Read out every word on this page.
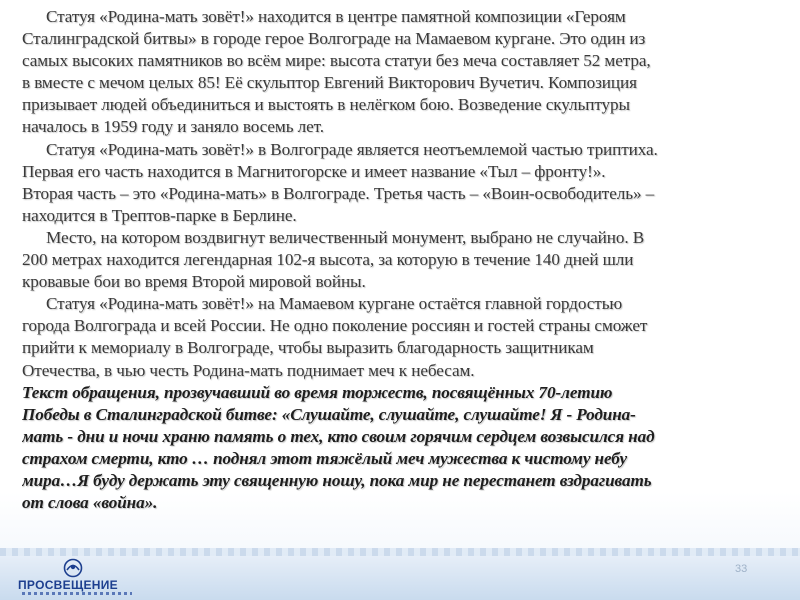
Статуя «Родина-мать зовёт!» находится в центре памятной композиции «Героям
Сталинградской битвы» в городе герое Волгограде на Мамаевом кургане. Это один из
самых высоких памятников во всём мире: высота статуи без меча составляет 52 метра,
в вместе с мечом целых 85! Её скульптор Евгений Викторович Вучетич. Композиция
призывает людей объединиться и выстоять в нелёгком бою. Возведение скульптуры
началось в 1959 году и заняло восемь лет.
Статуя «Родина-мать зовёт!» в Волгограде является неотъемлемой частью триптиха.
Первая его часть находится в Магнитогорске и имеет название «Тыл – фронту!».
Вторая часть – это «Родина-мать» в Волгограде. Третья часть – «Воин-освободитель» –
находится в Трептов-парке в Берлине.
Место, на котором воздвигнут величественный монумент, выбрано не случайно. В
200 метрах находится легендарная 102-я высота, за которую в течение 140 дней шли
кровавые бои во время Второй мировой войны.
Статуя «Родина-мать зовёт!» на Мамаевом кургане остаётся главной гордостью
города Волгограда и всей России. Не одно поколение россиян и гостей страны сможет
прийти к мемориалу в Волгограде, чтобы выразить благодарность защитникам
Отечества, в чью честь Родина-мать поднимает меч к небесам.
Текст обращения, прозвучавший во время торжеств, посвящённых 70-летию
Победы в Сталинградской битве: «Слушайте, слушайте, слушайте! Я - Родина-
мать - дни и ночи храню память о тех, кто своим горячим сердцем возвысился над
страхом смерти, кто … поднял этот тяжёлый меч мужества к чистому небу
мира…Я буду держать эту священную ношу, пока мир не перестанет вздрагивать
от слова «война».
ПРОСВЕЩЕНИЕ
33
